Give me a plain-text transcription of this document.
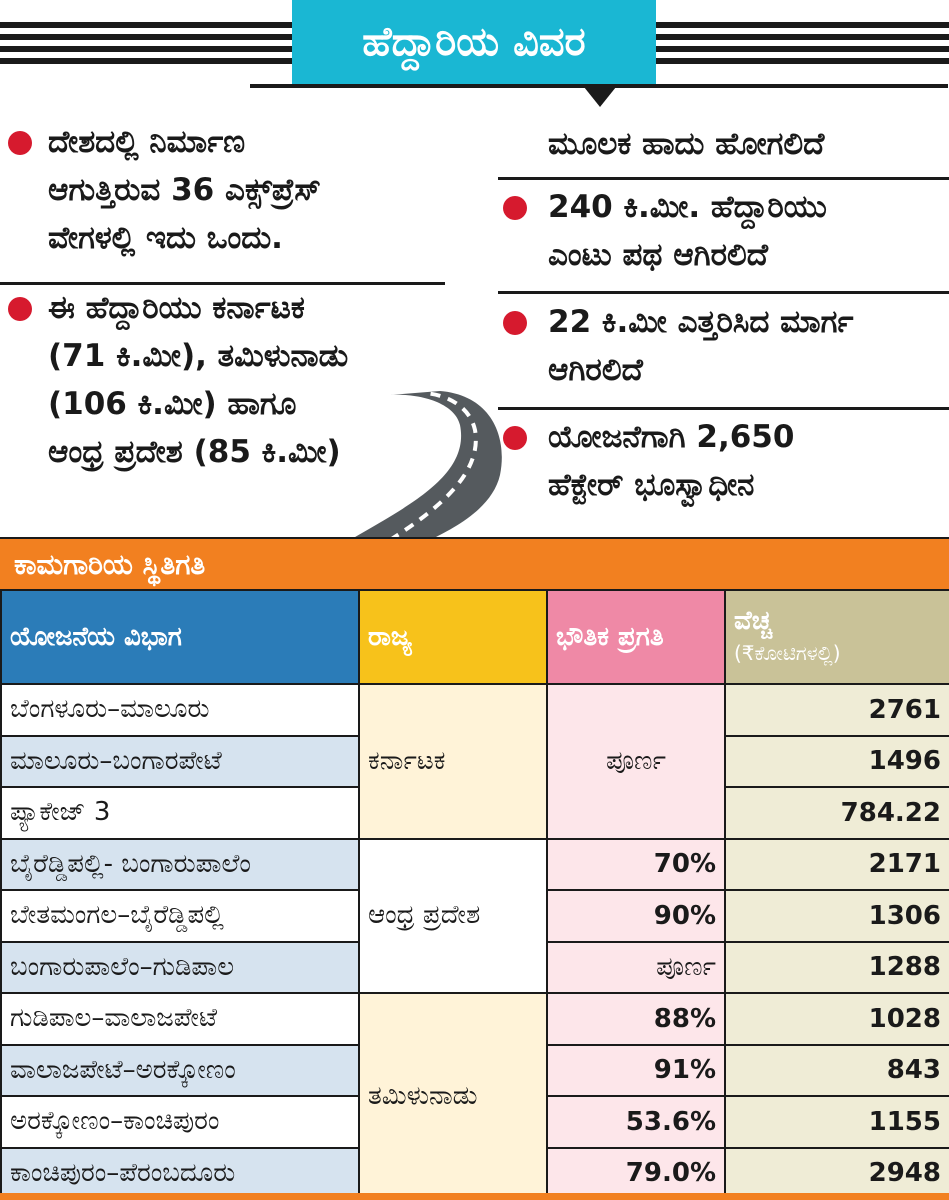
ಹೆದ್ದಾರಿಯ ವಿವರ
ದೇಶದಲ್ಲಿ ನಿರ್ಮಾಣ
ಆಗುತ್ತಿರುವ 36 ಎಕ್ಸ್‌ಪ್ರೆಸ್
ವೇಗಳಲ್ಲಿ ಇದು ಒಂದು.
ಈ ಹೆದ್ದಾರಿಯು ಕರ್ನಾಟಕ
(71 ಕಿ.ಮೀ), ತಮಿಳುನಾಡು
(106 ಕಿ.ಮೀ) ಹಾಗೂ
ಆಂಧ್ರ ಪ್ರದೇಶ (85 ಕಿ.ಮೀ)
ಮೂಲಕ ಹಾದು ಹೋಗಲಿದೆ
240 ಕಿ.ಮೀ. ಹೆದ್ದಾರಿಯು
ಎಂಟು ಪಥ ಆಗಿರಲಿದೆ
22 ಕಿ.ಮೀ ಎತ್ತರಿಸಿದ ಮಾರ್ಗ
ಆಗಿರಲಿದೆ
ಯೋಜನೆಗಾಗಿ 2,650
ಹೆಕ್ಟೇರ್ ಭೂಸ್ವಾಧೀನ
ಕಾಮಗಾರಿಯ ಸ್ಥಿತಿಗತಿ
ಯೋಜನೆಯ ವಿಭಾಗ	ರಾಜ್ಯ	ಭೌತಿಕ ಪ್ರಗತಿ	ವೆಚ್ಚ
(₹ಕೋಟಿಗಳಲ್ಲಿ)

ಬೆಂಗಳೂರು–ಮಾಲೂರು	ಕರ್ನಾಟಕ	ಪೂರ್ಣ	2761
ಮಾಲೂರು–ಬಂಗಾರಪೇಟೆ			1496
ಪ್ಯಾಕೇಜ್ 3			784.22
ಬೈರೆಡ್ಡಿಪಲ್ಲಿ- ಬಂಗಾರುಪಾಲೆಂ	ಆಂಧ್ರ ಪ್ರದೇಶ	70%	2171
ಬೇತಮಂಗಲ–ಬೈರೆಡ್ಡಿಪಲ್ಲಿ		90%	1306
ಬಂಗಾರುಪಾಲೆಂ–ಗುಡಿಪಾಲ		ಪೂರ್ಣ	1288
ಗುಡಿಪಾಲ–ವಾಲಾಜಪೇಟೆ	ತಮಿಳುನಾಡು	88%	1028
ವಾಲಾಜಪೇಟೆ–ಅರಕ್ಕೋಣಂ		91%	843
ಅರಕ್ಕೋಣಂ–ಕಾಂಚಿಪುರಂ		53.6%	1155
ಕಾಂಚಿಪುರಂ–ಪೆರಂಬದೂರು		79.0%	2948
